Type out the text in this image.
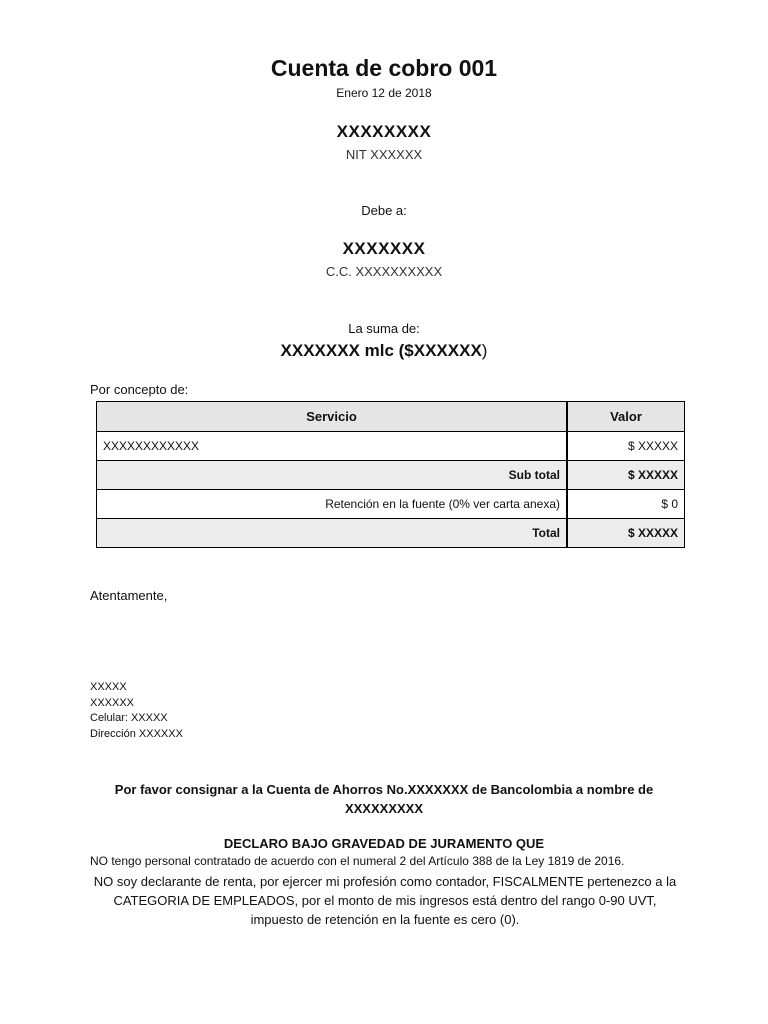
Cuenta de cobro 001
Enero 12 de 2018
XXXXXXXX
NIT XXXXXX
Debe a:
XXXXXXX
C.C. XXXXXXXXXX
La suma de:
XXXXXXX mlc ($XXXXXX)
Por concepto de:
Servicio	Valor
XXXXXXXXXXXX	$ XXXXX
Sub total	$ XXXXX
Retención en la fuente (0% ver carta anexa)	$ 0
Total	$ XXXXX
Atentamente,
XXXXX
XXXXXX
Celular: XXXXX
Dirección XXXXXX
Por favor consignar a la Cuenta de Ahorros No.XXXXXXX de Bancolombia a nombre de XXXXXXXXX
DECLARO BAJO GRAVEDAD DE JURAMENTO QUE
NO tengo personal contratado de acuerdo con el numeral 2 del Artículo 388 de la Ley 1819 de 2016.
NO soy declarante de renta, por ejercer mi profesión como contador, FISCALMENTE pertenezco a la CATEGORIA DE EMPLEADOS, por el monto de mis ingresos está dentro del rango 0-90 UVT, impuesto de retención en la fuente es cero (0).
